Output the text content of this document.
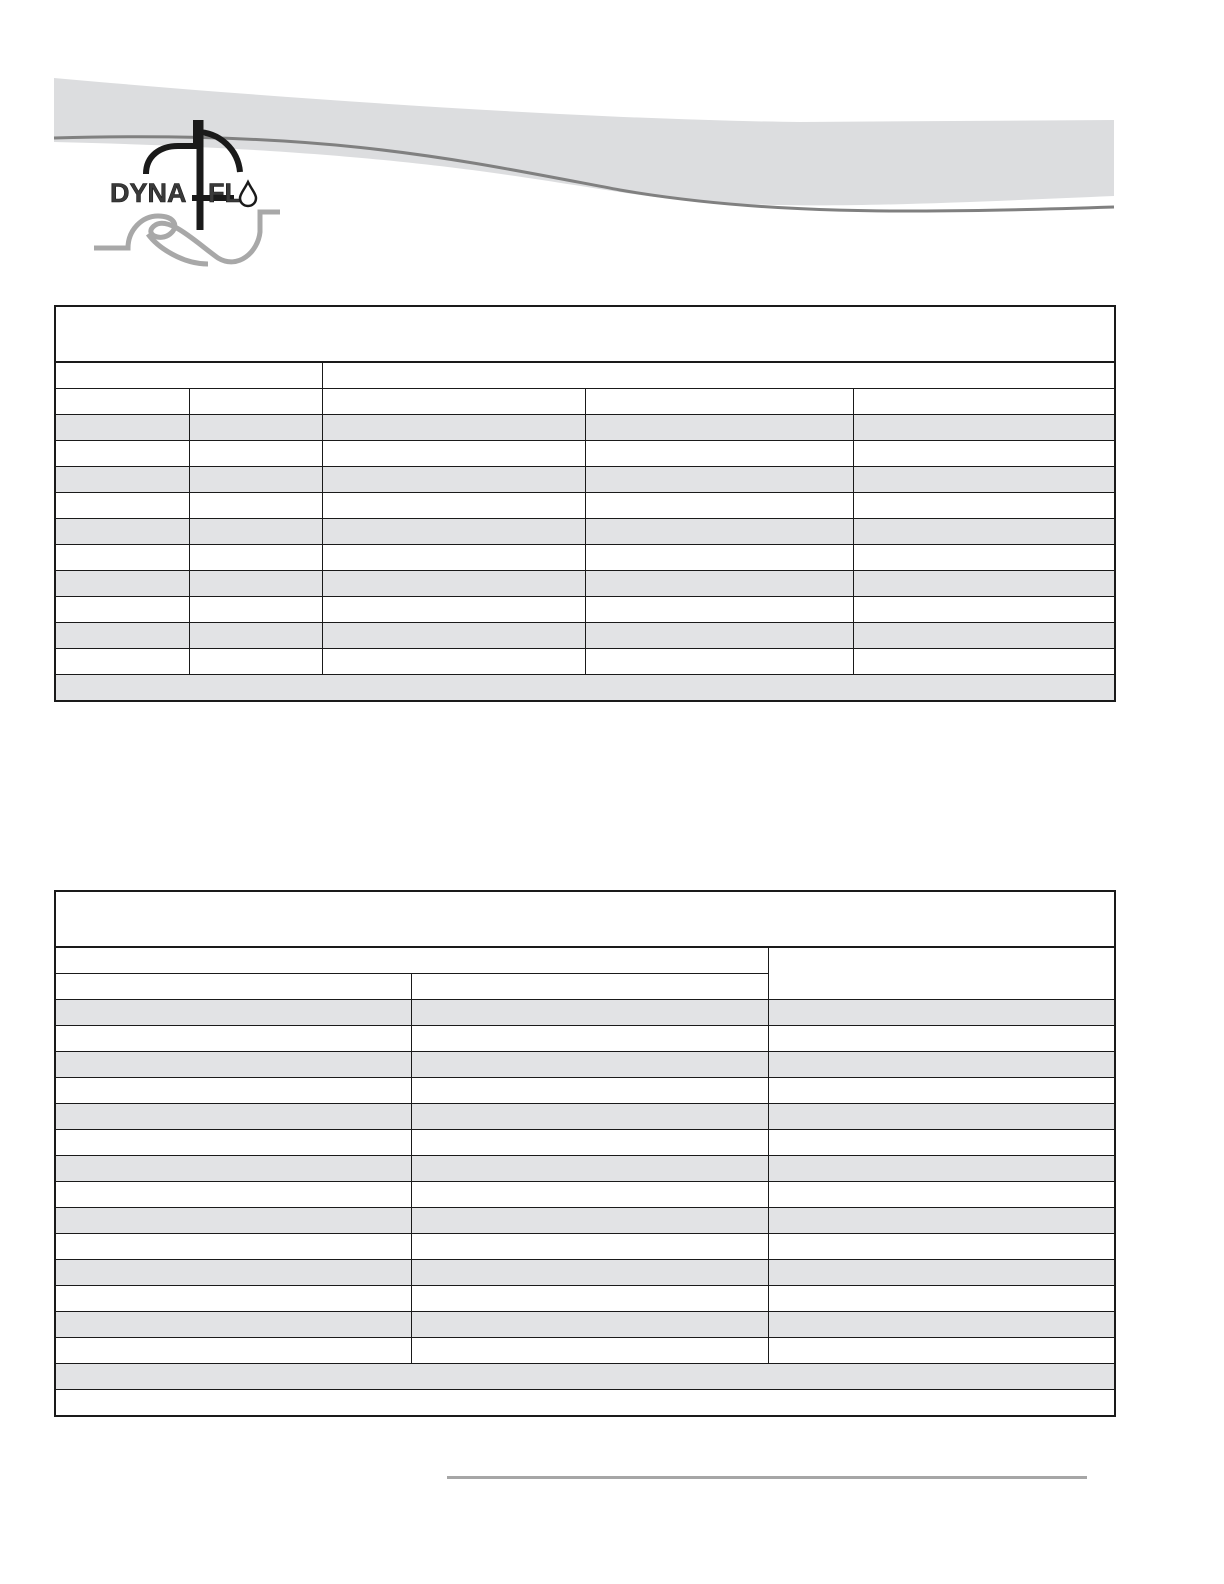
DYNA FL
